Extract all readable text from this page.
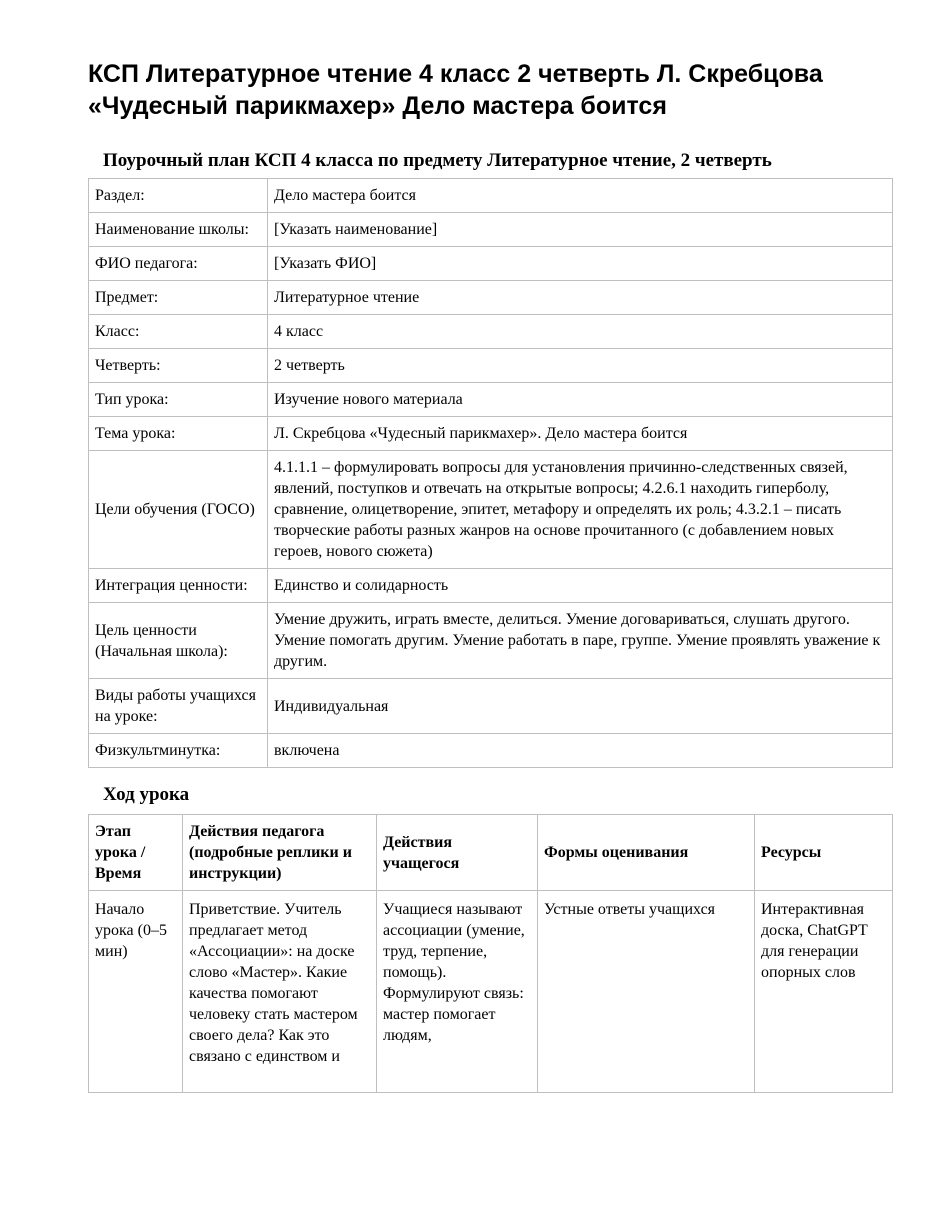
КСП Литературное чтение 4 класс 2 четверть Л. Скребцова «Чудесный парикмахер» Дело мастера боится

Поурочный план КСП 4 класса по предмету Литературное чтение, 2 четверть

Раздел:	Дело мастера боится
Наименование школы:	[Указать наименование]
ФИО педагога:	[Указать ФИО]
Предмет:	Литературное чтение
Класс:	4 класс
Четверть:	2 четверть
Тип урока:	Изучение нового материала
Тема урока:	Л. Скребцова «Чудесный парикмахер». Дело мастера боится
Цели обучения (ГОСО)	4.1.1.1 – формулировать вопросы для установления причинно-следственных связей, явлений, поступков и отвечать на открытые вопросы; 4.2.6.1 находить гиперболу, сравнение, олицетворение, эпитет, метафору и определять их роль; 4.3.2.1 – писать творческие работы разных жанров на основе прочитанного (с добавлением новых героев, нового сюжета)
Интеграция ценности:	Единство и солидарность
Цель ценности (Начальная школа):	Умение дружить, играть вместе, делиться. Умение договариваться, слушать другого. Умение помогать другим. Умение работать в паре, группе. Умение проявлять уважение к другим.
Виды работы учащихся на уроке:	Индивидуальная
Физкультминутка:	включена

Ход урока

Этап урока / Время	Действия педагога (подробные реплики и инструкции)	Действия учащегося	Формы оценивания	Ресурсы

Начало урока (0–5 мин)	Приветствие. Учитель предлагает метод «Ассоциации»: на доске слово «Мастер». Какие качества помогают человеку стать мастером своего дела? Как это связано с единством и	Учащиеся называют ассоциации (умение, труд, терпение, помощь). Формулируют связь: мастер помогает людям,	Устные ответы учащихся	Интерактивная доска, ChatGPT для генерации опорных слов
